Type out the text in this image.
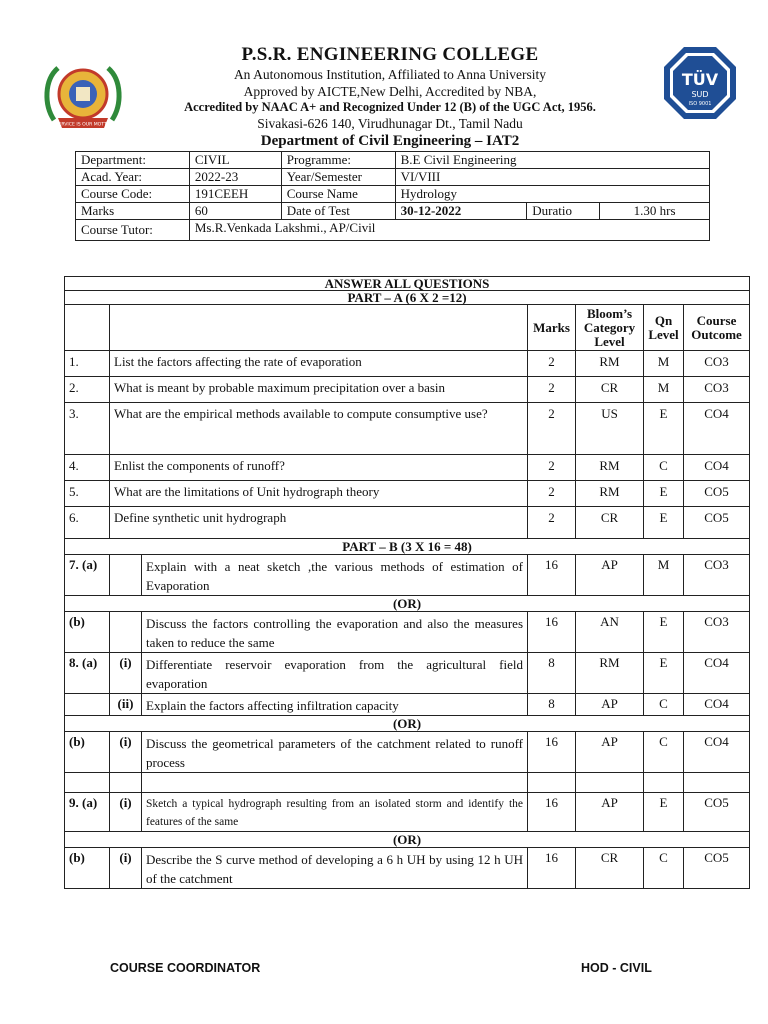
SERVICE IS OUR MOTTO
TÜV
SUD
ISO 9001
P.S.R. ENGINEERING COLLEGE
An Autonomous Institution, Affiliated to Anna University
Approved by AICTE,New Delhi, Accredited by NBA,
Accredited by NAAC A+ and Recognized Under 12 (B) of the UGC Act, 1956.
Sivakasi-626 140, Virudhunagar Dt., Tamil Nadu
Department of Civil Engineering – IAT2
Department:	CIVIL	Programme:	B.E Civil Engineering		
Acad. Year:	2022-23	Year/Semester	VI/VIII		
Course Code:	191CEEH	Course Name	Hydrology		
Marks	60	Date of Test	30-12-2022	Duratio	1.30 hrs
Course Tutor:	Ms.R.Venkada Lakshmi., AP/Civil				
ANSWER ALL QUESTIONS						
PART – A (6 X 2 =12)						
			Marks	Bloom’s Category Level	Qn Level	Course Outcome
1.	List the factors affecting the rate of evaporation		2	RM	M	CO3
2.	What is meant by probable maximum precipitation over a basin		2	CR	M	CO3
3.	What are the empirical methods available to compute consumptive use?		2	US	E	CO4
4.	Enlist the components of runoff?		2	RM	C	CO4
5.	What are the limitations of Unit hydrograph theory		2	RM	E	CO5
6.	Define synthetic unit hydrograph		2	CR	E	CO5
PART – B (3 X 16 = 48)						
7. (a)		Explain with a neat sketch ,the various methods of estimation of Evaporation	16	AP	M	CO3
(OR)						
(b)		Discuss the factors controlling the evaporation and also the measures taken to reduce the same	16	AN	E	CO3
8. (a)	(i)	Differentiate reservoir evaporation from the agricultural field evaporation	8	RM	E	CO4
	(ii)	Explain the factors affecting infiltration capacity	8	AP	C	CO4
(OR)						
(b)	(i)	Discuss the geometrical parameters of the catchment related to runoff process	16	AP	C	CO4

9. (a)	(i)	Sketch a typical hydrograph resulting from an isolated storm and identify the features of the same	16	AP	E	CO5
(OR)						
(b)	(i)	Describe the S curve method of developing a 6 h UH by using 12 h UH of the catchment	16	CR	C	CO5
COURSE COORDINATOR	HOD - CIVIL
